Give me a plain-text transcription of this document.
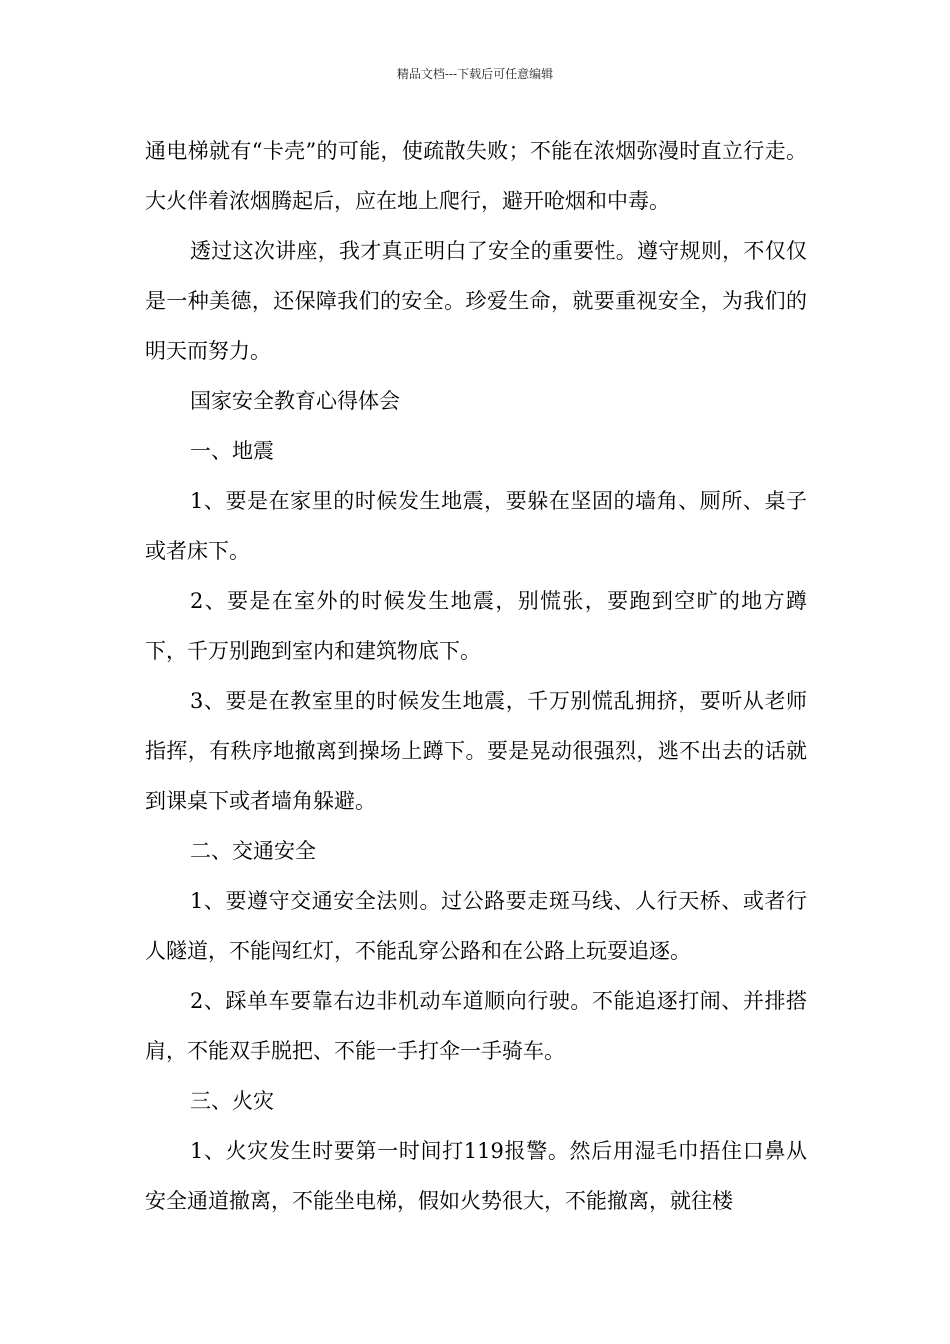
精品文档---下载后可任意编辑

通电梯就有“卡壳”的可能，使疏散失败；不能在浓烟弥漫时直立行走。大火伴着浓烟腾起后，应在地上爬行，避开呛烟和中毒。

透过这次讲座，我才真正明白了安全的重要性。遵守规则，不仅仅是一种美德，还保障我们的安全。珍爱生命，就要重视安全，为我们的明天而努力。

国家安全教育心得体会

一、地震

1、要是在家里的时候发生地震，要躲在坚固的墙角、厕所、桌子或者床下。

2、要是在室外的时候发生地震，别慌张，要跑到空旷的地方蹲下，千万别跑到室内和建筑物底下。

3、要是在教室里的时候发生地震，千万别慌乱拥挤，要听从老师指挥，有秩序地撤离到操场上蹲下。要是晃动很强烈，逃不出去的话就到课桌下或者墙角躲避。

二、交通安全

1、要遵守交通安全法则。过公路要走斑马线、人行天桥、或者行人隧道，不能闯红灯，不能乱穿公路和在公路上玩耍追逐。

2、踩单车要靠右边非机动车道顺向行驶。不能追逐打闹、并排搭肩，不能双手脱把、不能一手打伞一手骑车。

三、火灾

1、火灾发生时要第一时间打119报警。然后用湿毛巾捂住口鼻从安全通道撤离，不能坐电梯，假如火势很大，不能撤离，就往楼
